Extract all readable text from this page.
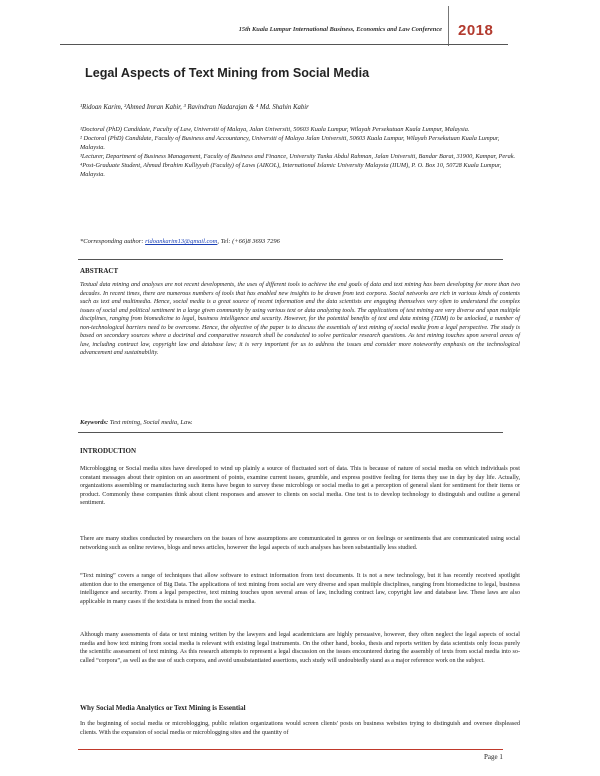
15th Kuala Lumpur International Business, Economics and Law Conference 2018
Legal Aspects of Text Mining from Social Media
¹Ridoan Karim, ²Ahmed Imran Kabir, ³ Ravindran Nadarajan & ⁴ Md. Shahin Kabir

¹Doctoral (PhD) Candidate, Faculty of Law, Universiti of Malaya, Jalan Universiti, 50603 Kuala Lumpur, Wilayah Persekutuan Kuala Lumpur, Malaysia.

² Doctoral (PhD) Candidate, Faculty of Business and Accountancy, Universiti of Malaya Jalan Universiti, 50603 Kuala Lumpur, Wilayah Persekutuan Kuala Lumpur, Malaysia.

³Lecturer, Department of Business Management, Faculty of Business and Finance, University Tunku Abdul Rahman, Jalan Universiti, Bandar Barat, 31900, Kampar, Perak.

⁴Post-Graduate Student, Ahmad Ibrahim Kulliyyah (Faculty) of Laws (AIKOL), International Islamic University Malaysia (IIUM), P. O. Box 10, 50728 Kuala Lumpur, Malaysia.

*Corresponding author: ridoankarim13@gmail.com, Tel: (+66)8 3693 7296
ABSTRACT
Textual data mining and analyses are not recent developments, the uses of different tools to achieve the end goals of data and text mining has been developing for more than two decades. In recent times, there are numerous numbers of tools that has enabled new insights to be drawn from text corpora. Social networks are rich in various kinds of contents such as text and multimedia. Hence, social media is a great source of recent information and the data scientists are engaging themselves very often to understand the complex issues of social and political sentiment in a large given community by using various text or data analyzing tools. The applications of text mining are very diverse and span multiple disciplines, ranging from biomedicine to legal, business intelligence and security. However, for the potential benefits of text and data mining (TDM) to be unlocked, a number of non-technological barriers need to be overcome. Hence, the objective of the paper is to discuss the essentials of text mining of social media from a legal perspective. The study is based on secondary sources where a doctrinal and comparative research shall be conducted to solve particular research questions. As text mining touches upon several areas of law, including contract law, copyright law and database law; it is very important for us to address the issues and consider more noteworthy emphasis on the technological advancement and sustainability.
Keywords: Text mining, Social media, Law.
INTRODUCTION

Microblogging or Social media sites have developed to wind up plainly a source of fluctuated sort of data. This is because of nature of social media on which individuals post constant messages about their opinion on an assortment of points, examine current issues, grumble, and express positive feeling for items they use in day by day life. Actually, organizations assembling or manufacturing such items have begun to survey these microblogs or social media to get a perception of general slant for sentiment for their items or product. Commonly these companies think about client responses and answer to clients on social media. One test is to develop technology to distinguish and outline a general sentiment.

There are many studies conducted by researchers on the issues of how assumptions are communicated in genres or on feelings or sentiments that are communicated using social networking such as online reviews, blogs and news articles, however the legal aspects of such analyses has been substantially less studied.

“Text mining” covers a range of techniques that allow software to extract information from text documents. It is not a new technology, but it has recently received spotlight attention due to the emergence of Big Data. The applications of text mining from social are very diverse and span multiple disciplines, ranging from biomedicine to legal, business intelligence and security. From a legal perspective, text mining touches upon several areas of law, including contract law, copyright law and database law. These laws are also applicable in many cases if the text/data is mined from the social media.

Although many assessments of data or text mining written by the lawyers and legal academicians are highly persuasive, however, they often neglect the legal aspects of social media and how text mining from social media is relevant with existing legal instruments. On the other hand, books, thesis and reports written by data scientists only focus purely the scientific assessment of text mining. As this research attempts to represent a legal discussion on the issues encountered during the assembly of texts from social media into so-called “corpora”, as well as the use of such corpora, and avoid unsubstantiated assertions, such study will undoubtedly stand as a major reference work on the subject.

Why Social Media Analytics or Text Mining is Essential

In the beginning of social media or microblogging, public relation organizations would screen clients' posts on business websites trying to distinguish and oversee displeased clients. With the expansion of social media or microblogging sites and the quantity of

Page 1
